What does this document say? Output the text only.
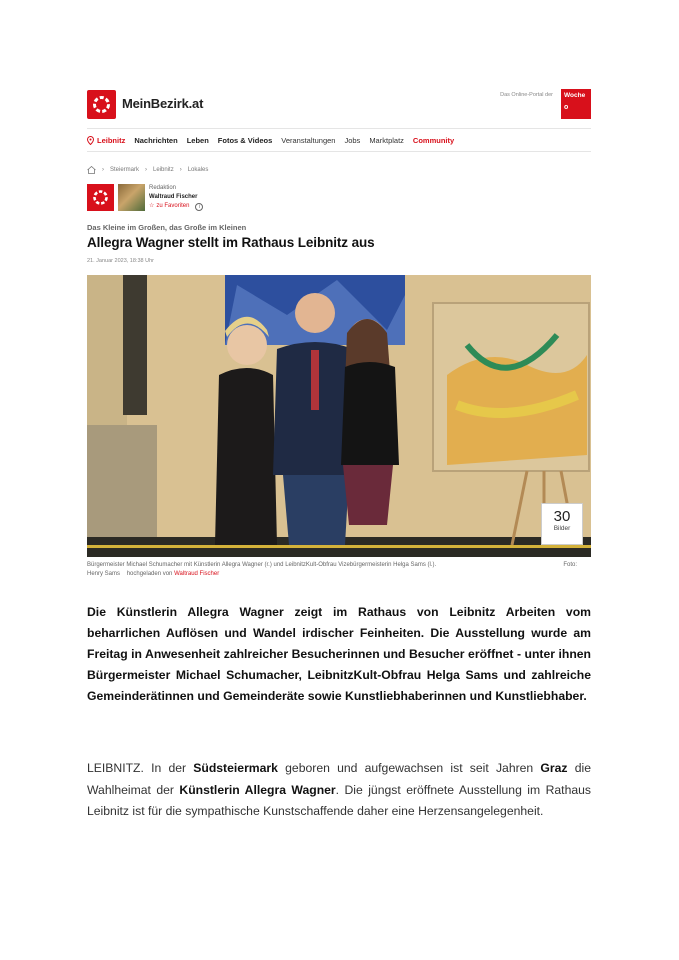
MeinBezirk.at
Das Online-Portal der	Woche
o
Leibnitz Nachrichten Leben Fotos & Videos Veranstaltungen Jobs Marktplatz Community
› Steiermark › Leibnitz › Lokales
Redaktion
Waltraud Fischer
☆ zu Favoriten	i
Das Kleine im Großen, das Große im Kleinen
Allegra Wagner stellt im Rathaus Leibnitz aus
21. Januar 2023, 18:38 Uhr
30
Bilder
Bürgermeister Michael Schumacher mit Künstlerin Allegra Wagner (r.) und LeibnitzKult-Obfrau Vizebürgermeisterin Helga Sams (l.).	Foto:

Henry Sams hochgeladen von Waltraud Fischer
Die Künstlerin Allegra Wagner zeigt im Rathaus von Leibnitz Arbeiten vom beharrlichen Auflösen und Wandel irdischer Feinheiten. Die Ausstellung wurde am Freitag in Anwesenheit zahlreicher Besucherinnen und Besucher eröffnet - unter ihnen Bürgermeister Michael Schumacher, LeibnitzKult-Obfrau Helga Sams und zahlreiche Gemeinderätinnen und Gemeinderäte sowie Kunstliebhaberinnen und Kunstliebhaber.
LEIBNITZ. In der Südsteiermark geboren und aufgewachsen ist seit Jahren Graz die Wahlheimat der Künstlerin Allegra Wagner. Die jüngst eröffnete Ausstellung im Rathaus Leibnitz ist für die sympathische Kunstschaffende daher eine Herzensangelegenheit.
